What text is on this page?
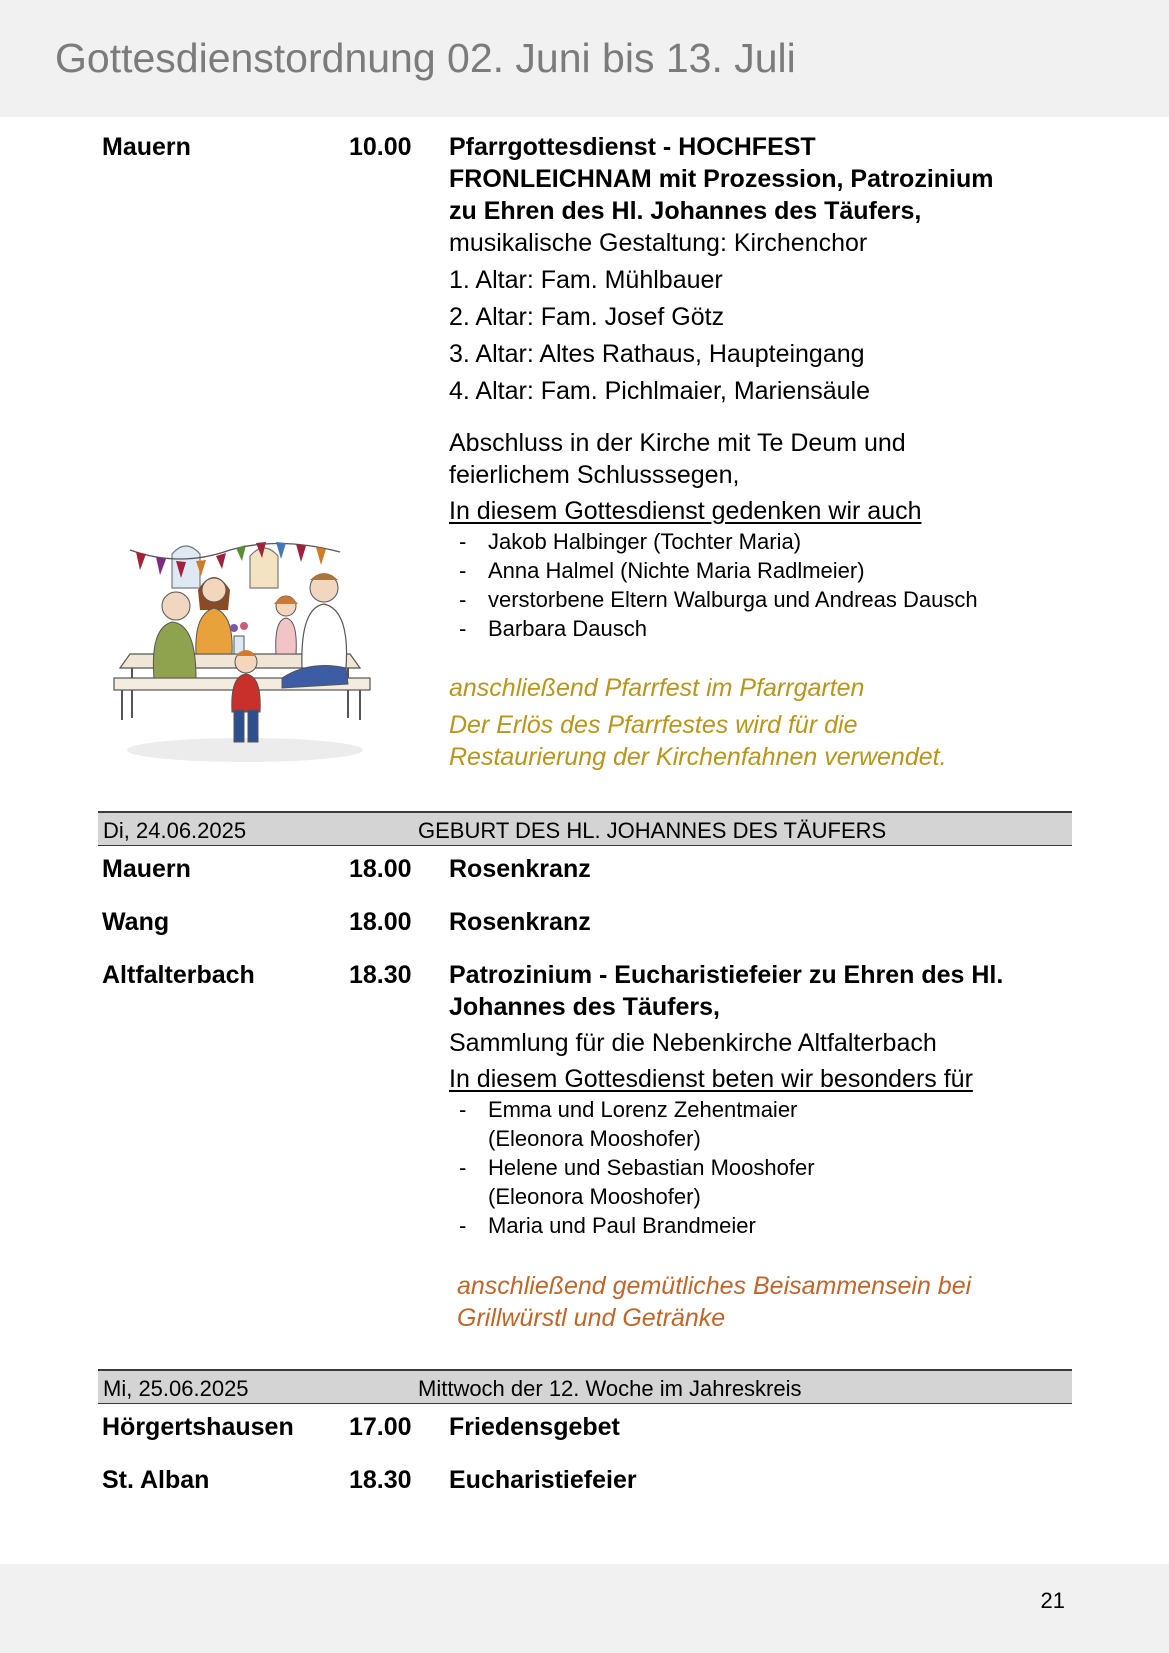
Gottesdienstordnung 02. Juni bis 13. Juli
Mauern	10.00 Pfarrgottesdienst - HOCHFEST
FRONLEICHNAM mit Prozession, Patrozinium
zu Ehren des Hl. Johannes des Täufers,
musikalische Gestaltung: Kirchenchor
1. Altar: Fam. Mühlbauer
2. Altar: Fam. Josef Götz
3. Altar: Altes Rathaus, Haupteingang
4. Altar: Fam. Pichlmaier, Mariensäule
Abschluss in der Kirche mit Te Deum und
feierlichem Schlusssegen,
In diesem Gottesdienst gedenken wir auch
- Jakob Halbinger (Tochter Maria)
- Anna Halmel (Nichte Maria Radlmeier)
- verstorbene Eltern Walburga und Andreas Dausch
- Barbara Dausch
anschließend Pfarrfest im Pfarrgarten
Der Erlös des Pfarrfestes wird für die
Restaurierung der Kirchenfahnen verwendet.
Di, 24.06.2025	GEBURT DES HL. JOHANNES DES TÄUFERS
Mauern	18.00 Rosenkranz
Wang	18.00 Rosenkranz
Altfalterbach	18.30 Patrozinium - Eucharistiefeier zu Ehren des Hl.
Johannes des Täufers,
Sammlung für die Nebenkirche Altfalterbach
In diesem Gottesdienst beten wir besonders für
- Emma und Lorenz Zehentmaier
(Eleonora Mooshofer)
- Helene und Sebastian Mooshofer
(Eleonora Mooshofer)
- Maria und Paul Brandmeier
anschließend gemütliches Beisammensein bei
Grillwürstl und Getränke
Mi, 25.06.2025	Mittwoch der 12. Woche im Jahreskreis
Hörgertshausen 17.00 Friedensgebet
St. Alban	18.30 Eucharistiefeier
21
